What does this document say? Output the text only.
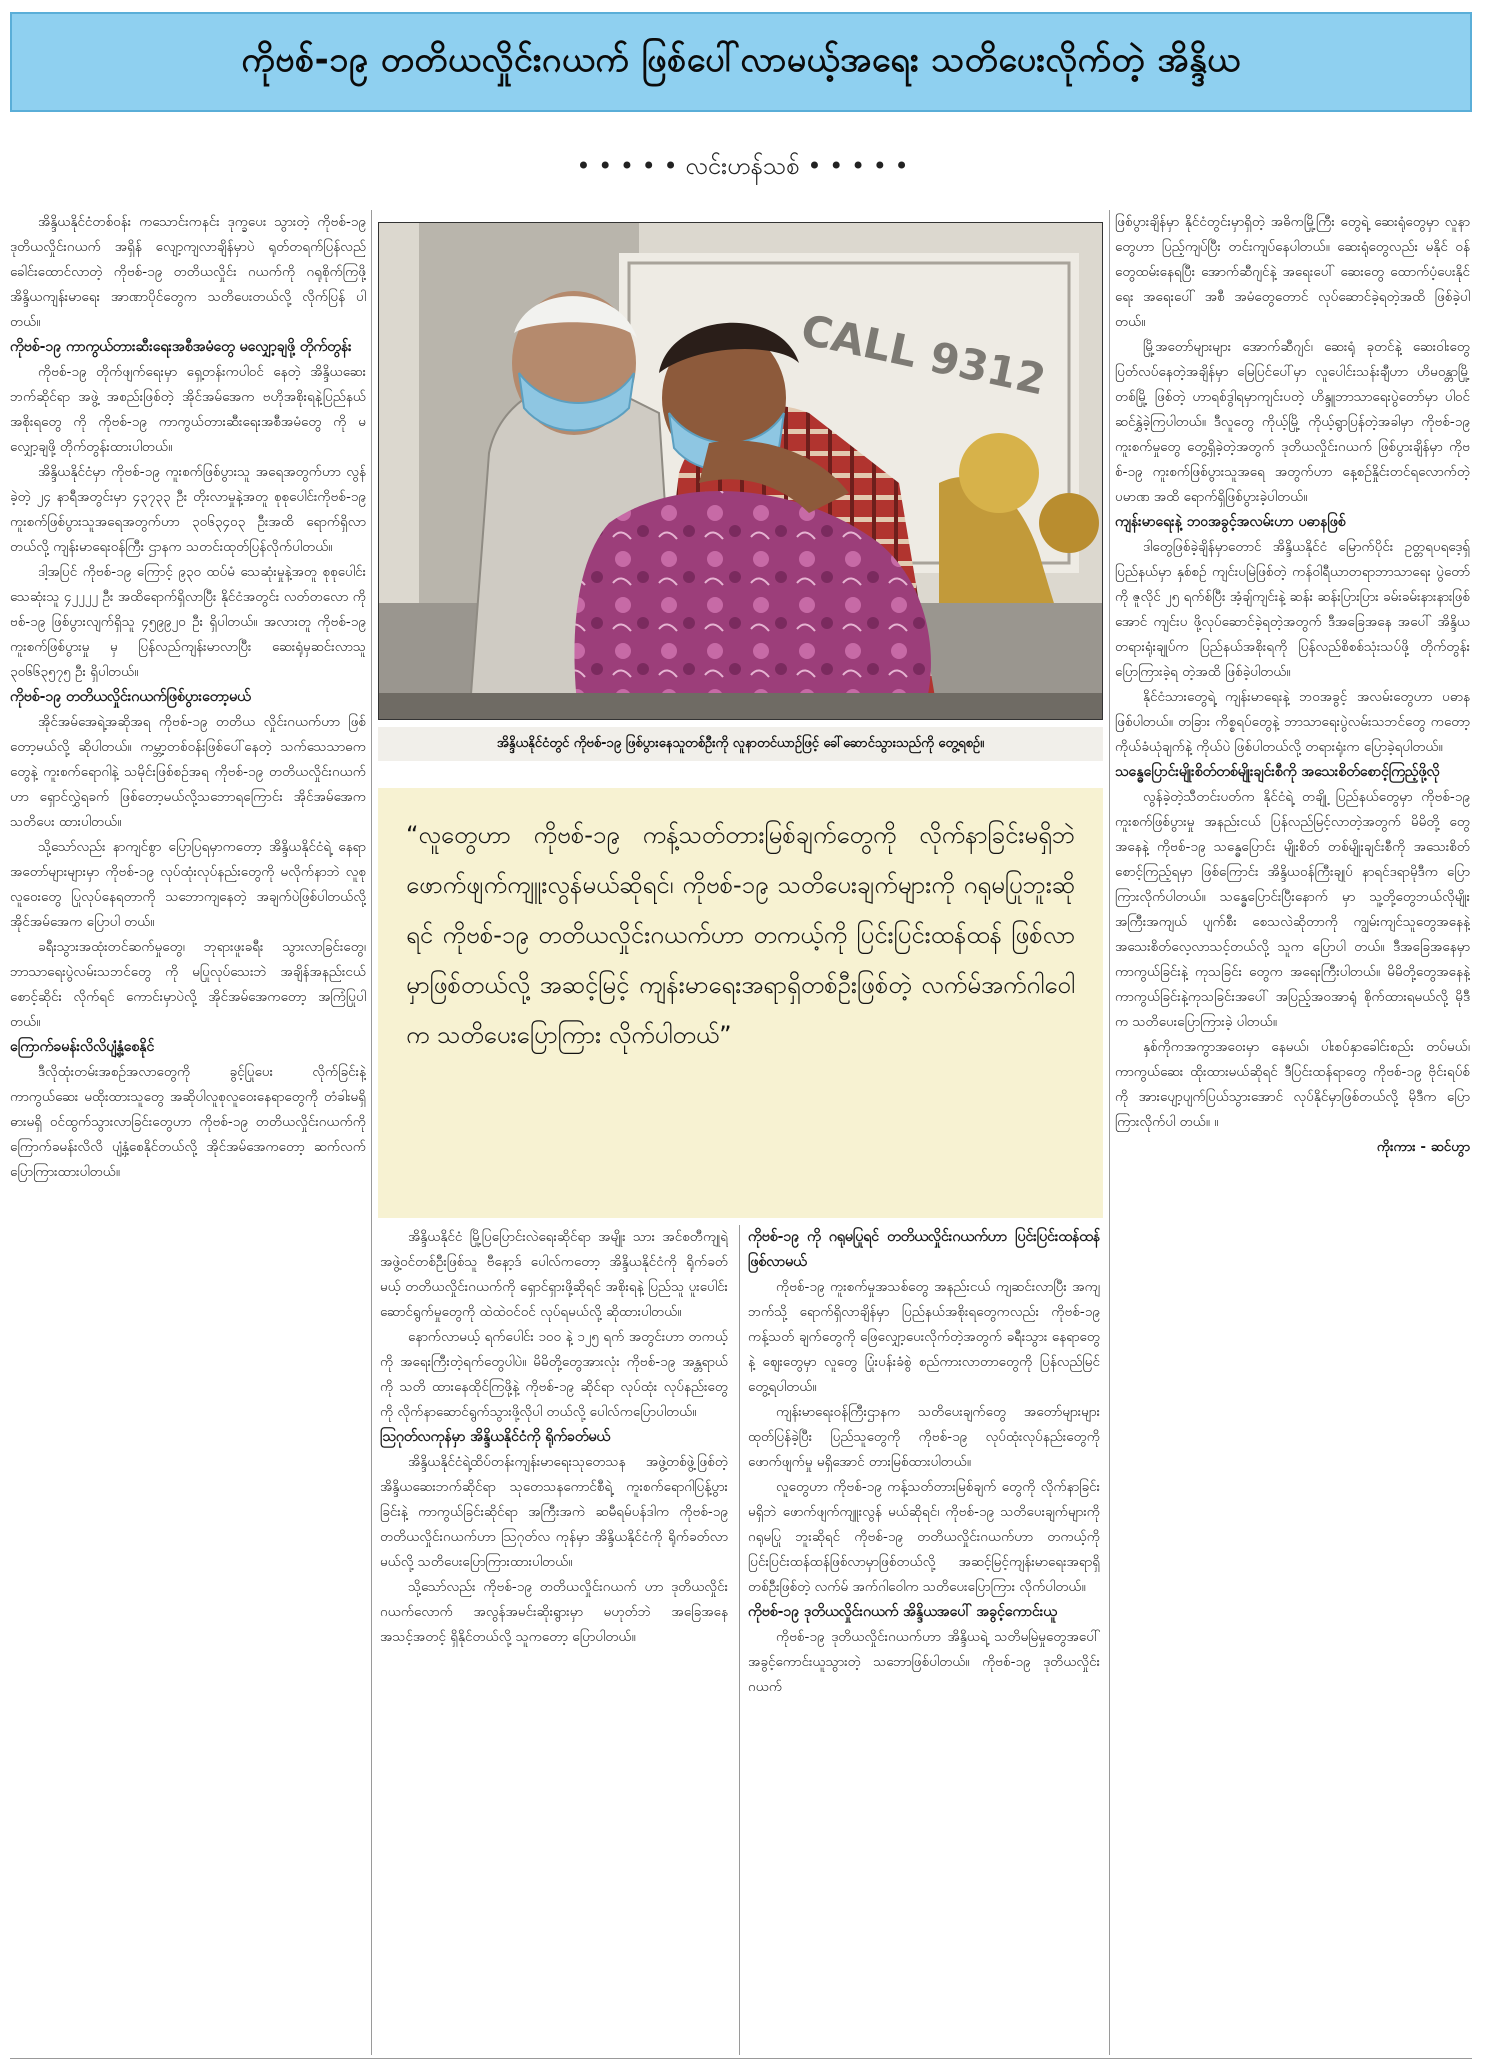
ကိုဗစ်-၁၉ တတိယလှိုင်းဂယက် ဖြစ်ပေါ်လာမယ့်အရေး သတိပေးလိုက်တဲ့ အိန္ဒိယ
• • • • • လင်းဟန်သစ် • • • • •

အိန္ဒိယနိုင်ငံတစ်ဝန်း ကသောင်းကနင်း ဒုက္ခပေး သွားတဲ့ ကိုဗစ်-၁၉ ဒုတိယလှိုင်းဂယက် အရှိန် လျော့ကျလာချိန်မှာပဲ ရုတ်တရက်ပြန်လည် ခေါင်းထောင်လာတဲ့ ကိုဗစ်-၁၉ တတိယလှိုင်း ဂယက်ကို ဂရုစိုက်ကြဖို့ အိန္ဒိယကျန်းမာရေး အာဏာပိုင်တွေက သတိပေးတယ်လို့ လိုက်ပြန် ပါတယ်။

ကိုဗစ်-၁၉ ကာကွယ်တားဆီးရေးအစီအမံတွေ မလျှော့ချဖို့ တိုက်တွန်း

ကိုဗစ်-၁၉ တိုက်ဖျက်ရေးမှာ ရှေ့တန်းကပါဝင် နေတဲ့ အိန္ဒိယဆေးဘက်ဆိုင်ရာ အဖွဲ့ အစည်းဖြစ်တဲ့ အိုင်အမ်အေက ဗဟိုအစိုးရနဲ့ပြည်နယ်အစိုးရတွေ ကို ကိုဗစ်-၁၉ ကာကွယ်တားဆီးရေးအစီအမံတွေ ကို မလျှော့ချဖို့ တိုက်တွန်းထားပါတယ်။

အိန္ဒိယနိုင်ငံမှာ ကိုဗစ်-၁၉ ကူးစက်ဖြစ်ပွားသူ အရေအတွက်ဟာ လွန်ခဲ့တဲ့ ၂၄ နာရီအတွင်းမှာ ၄၃၇၃၃ ဦး တိုးလာမှုနဲ့အတူ စုစုပေါင်းကိုဗစ်-၁၉ ကူးစက်ဖြစ်ပွားသူအရေအတွက်ဟာ ၃၀၆၃၄၀၃ ဦးအထိ ရောက်ရှိလာတယ်လို့ ကျန်းမာရေးဝန်ကြီး ဌာနက သတင်းထုတ်ပြန်လိုက်ပါတယ်။

ဒါ့အပြင် ကိုဗစ်-၁၉ ကြောင့် ၉၃၀ ထပ်မံ သေဆုံးမှုနဲ့အတူ စုစုပေါင်းသေဆုံးသူ ၄၂၂၂၂ ဦး အထိရောက်ရှိလာပြီး နိုင်ငံအတွင်း လတ်တလော ကိုဗစ်-၁၉ ဖြစ်ပွားလျက်ရှိသူ ၄၅၉၉၂၀ ဦး ရှိပါတယ်။ အလားတူ ကိုဗစ်-၁၉ ကူးစက်ဖြစ်ပွားမှု မှ ပြန်လည်ကျန်းမာလာပြီး ဆေးရုံမှဆင်းလာသူ ၃၀၆၆၃၅၇၅ ဦး ရှိပါတယ်။

ကိုဗစ်-၁၉ တတိယလှိုင်းဂယက်ဖြစ်ပွားတော့မယ်

အိုင်အမ်အေရဲ့အဆိုအရ ကိုဗစ်-၁၉ တတိယ လှိုင်းဂယက်ဟာ ဖြစ်တော့မယ်လို့ ဆိုပါတယ်။ ကမ္ဘာ့တစ်ဝန်းဖြစ်ပေါ်နေတဲ့ သက်သေသာဓက တွေနဲ့ ကူးစက်ရောဂါနဲ့ သမိုင်းဖြစ်စဉ်အရ ကိုဗစ်-၁၉ တတိယလှိုင်းဂယက်ဟာ ရှောင်လွှဲရခက် ဖြစ်တော့မယ်လို့သဘောရကြောင်း အိုင်အမ်အေက သတိပေး ထားပါတယ်။

သို့သော်လည်း နာကျင်စွာ ပြောပြရမှာကတော့ အိန္ဒိယနိုင်ငံရဲ့ နေရာအတော်များများမှာ ကိုဗစ်-၁၉ လုပ်ထုံးလုပ်နည်းတွေကို မလိုက်နာဘဲ လူစု လူဝေးတွေ ပြုလုပ်နေရတာကို သဘောကျနေတဲ့ အချက်ပဲဖြစ်ပါတယ်လို့ အိုင်အမ်အေက ပြောပါ တယ်။

ခရီးသွားအထုံးတင်ဆက်မှုတွေ၊ ဘုရားဖူးခရီး သွားလာခြင်းတွေ၊ ဘာသာရေးပွဲလမ်းသဘင်တွေ ကို မပြုလုပ်သေးဘဲ အချိန်အနည်းငယ်စောင့်ဆိုင်း လိုက်ရင် ကောင်းမှာပဲလို့ အိုင်အမ်အေကတော့ အကြံပြုပါတယ်။

ကြောက်ခမန်းလိလိပျံ့နှံ့စေနိုင်

ဒီလိုထုံးတမ်းအစဉ်အလာတွေကို ခွင့်ပြုပေး လိုက်ခြင်းနဲ့ ကာကွယ်ဆေး မထိုးထားသူတွေ အဆိုပါလူစုလူဝေးနေရာတွေကို တံခါးမရှိ ဓားမရှိ ဝင်ထွက်သွားလာခြင်းတွေဟာ ကိုဗစ်-၁၉ တတိယလှိုင်းဂယက်ကို ကြောက်ခမန်းလိလိ ပျံ့နှံ့စေနိုင်တယ်လို့ အိုင်အမ်အေကတော့ ဆက်လက်ပြောကြားထားပါတယ်။

CALL 9312
အိန္ဒိယနိုင်ငံတွင် ကိုဗစ်-၁၉ ဖြစ်ပွားနေသူတစ်ဦးကို လူနာတင်ယာဉ်ဖြင့် ခေါ်ဆောင်သွားသည်ကို တွေ့ရစဉ်။
“လူတွေဟာ ကိုဗစ်-၁၉ ကန့်သတ်တားမြစ်ချက်တွေကို လိုက်နာခြင်းမရှိဘဲ ဖောက်ဖျက်ကျူးလွန်မယ်ဆိုရင်၊ ကိုဗစ်-၁၉ သတိပေးချက်များကို ဂရုမပြုဘူးဆိုရင် ကိုဗစ်-၁၉ တတိယလှိုင်းဂယက်ဟာ တကယ့်ကို ပြင်းပြင်းထန်ထန် ဖြစ်လာမှာဖြစ်တယ်လို့ အဆင့်မြင့် ကျန်းမာရေးအရာရှိတစ်ဦးဖြစ်တဲ့ လက်မ်အက်ဂါဝေါက သတိပေးပြောကြား လိုက်ပါတယ်”

အိန္ဒိယနိုင်ငံ မြို့ပြပြောင်းလဲရေးဆိုင်ရာ အမျိုး သား အင်စတီကျုရဲ့ အဖွဲ့ဝင်တစ်ဦးဖြစ်သူ ဗီနော့ဒ် ပေါလ်ကတော့ အိန္ဒိယနိုင်ငံကို ရိုက်ခတ်မယ့် တတိယလှိုင်းဂယက်ကို ရှောင်ရှားဖို့ဆိုရင် အစိုးရနဲ့ ပြည်သူ ပူးပေါင်းဆောင်ရွက်မှုတွေကို ထဲထဲဝင်ဝင် လုပ်ရမယ်လို့ ဆိုထားပါတယ်။

နောက်လာမယ့် ရက်ပေါင်း ၁၀၀ နဲ့ ၁၂၅ ရက် အတွင်းဟာ တကယ့်ကို အရေးကြီးတဲ့ရက်တွေပါပဲ။ မိမိတို့တွေအားလုံး ကိုဗစ်-၁၉ အန္တရာယ်ကို သတိ ထားနေထိုင်ကြဖို့နဲ့ ကိုဗစ်-၁၉ ဆိုင်ရာ လုပ်ထုံး လုပ်နည်းတွေကို လိုက်နာဆောင်ရွက်သွားဖို့လိုပါ တယ်လို့ ပေါလ်ကပြောပါတယ်။

ဩဂုတ်လကုန်မှာ အိန္ဒိယနိုင်ငံကို ရိုက်ခတ်မယ်

အိန္ဒိယနိုင်ငံရဲ့ထိပ်တန်းကျန်းမာရေးသုတေသန အဖွဲ့တစ်ဖွဲ့ဖြစ်တဲ့ အိန္ဒိယဆေးဘက်ဆိုင်ရာ သုတေသနကောင်စီရဲ့ ကူးစက်ရောဂါပြန့်ပွားခြင်းနဲ့ ကာကွယ်ခြင်းဆိုင်ရာ အကြီးအကဲ ဆမီရမ်ပန်ဒါက ကိုဗစ်-၁၉ တတိယလှိုင်းဂယက်ဟာ ဩဂုတ်လ ကုန်မှာ အိန္ဒိယနိုင်ငံကို ရိုက်ခတ်လာမယ်လို့ သတိပေးပြောကြားထားပါတယ်။

သို့သော်လည်း ကိုဗစ်-၁၉ တတိယလှိုင်းဂယက် ဟာ ဒုတိယလှိုင်းဂယက်လောက် အလွန်အမင်းဆိုးရွားမှာ မဟုတ်ဘဲ အခြေအနေ အသင့်အတင့် ရှိနိုင်တယ်လို့ သူကတော့ ပြောပါတယ်။

ကိုဗစ်-၁၉ ကို ဂရုမပြုရင် တတိယလှိုင်းဂယက်ဟာ ပြင်းပြင်းထန်ထန်ဖြစ်လာမယ်

ကိုဗစ်-၁၉ ကူးစက်မှုအသစ်တွေ အနည်းငယ် ကျဆင်းလာပြီး အကျဘက်သို့ ရောက်ရှိလာချိန်မှာ ပြည်နယ်အစိုးရတွေကလည်း ကိုဗစ်-၁၉ ကန့်သတ် ချက်တွေကို ဖြေလျှော့ပေးလိုက်တဲ့အတွက် ခရီးသွား နေရာတွေနဲ့ ဈေးတွေမှာ လူတွေ ပြုံးပန်းခံစွဲ စည်ကားလာတာတွေကို ပြန်လည်မြင်တွေ့ရပါတယ်။

ကျန်းမာရေးဝန်ကြီးဌာနက သတိပေးချက်တွေ အတော်များများ ထုတ်ပြန်ခဲ့ပြီး ပြည်သူတွေကို ကိုဗစ်-၁၉ လုပ်ထုံးလုပ်နည်းတွေကို ဖောက်ဖျက်မှု မရှိအောင် တားမြစ်ထားပါတယ်။

လူတွေဟာ ကိုဗစ်-၁၉ ကန့်သတ်တားမြစ်ချက် တွေကို လိုက်နာခြင်းမရှိဘဲ ဖောက်ဖျက်ကျူးလွန် မယ်ဆိုရင်၊ ကိုဗစ်-၁၉ သတိပေးချက်များကို ဂရုမပြု ဘူးဆိုရင် ကိုဗစ်-၁၉ တတိယလှိုင်းဂယက်ဟာ တကယ့်ကိုပြင်းပြင်းထန်ထန်ဖြစ်လာမှာဖြစ်တယ်လို့ အဆင့်မြင့်ကျန်းမာရေးအရာရှိတစ်ဦးဖြစ်တဲ့ လက်မ် အက်ဂါဝေါက သတိပေးပြောကြား လိုက်ပါတယ်။

ကိုဗစ်-၁၉ ဒုတိယလှိုင်းဂယက် အိန္ဒိယအပေါ် အခွင့်ကောင်းယူ

ကိုဗစ်-၁၉ ဒုတိယလှိုင်းဂယက်ဟာ အိန္ဒိယရဲ့ သတိမမြဲမှုတွေအပေါ် အခွင့်ကောင်းယူသွားတဲ့ သဘောဖြစ်ပါတယ်။ ကိုဗစ်-၁၉ ဒုတိယလှိုင်းဂယက်

ဖြစ်ပွားချိန်မှာ နိုင်ငံတွင်းမှာရှိတဲ့ အဓိကမြို့ကြီး တွေရဲ့ ဆေးရုံတွေမှာ လူနာတွေဟာ ပြည့်ကျပ်ပြီး တင်းကျပ်နေပါတယ်။ ဆေးရုံတွေလည်း မနိုင် ဝန်တွေထမ်းနေရပြီး အောက်ဆီဂျင်နဲ့ အရေးပေါ် ဆေးတွေ ထောက်ပံ့ပေးနိုင်ရေး အရေးပေါ် အစီ အမံတွေတောင် လုပ်ဆောင်ခဲ့ရတဲ့အထိ ဖြစ်ခဲ့ပါ တယ်။

မြို့အတော်များများ အောက်ဆီဂျင်၊ ဆေးရုံ ခုတင်နဲ့ ဆေးဝါးတွေ ပြတ်လပ်နေတဲ့အချိန်မှာ မြေပြင်ပေါ်မှာ လူပေါင်းသန်းချီဟာ ဟိမဝန္တာမြို့တစ်မြို့ ဖြစ်တဲ့ ဟာရစ်ဒွါရမှာကျင်းပတဲ့ ဟိန္ဒူဘာသာရေးပွဲတော်မှာ ပါဝင်ဆင်နွှဲခဲ့ကြပါတယ်။ ဒီလူတွေ ကိုယ့်မြို့ ကိုယ့်ရွာပြန်တဲ့အခါမှာ ကိုဗစ်-၁၉ ကူးစက်မှုတွေ တွေ့ရှိခဲ့တဲ့အတွက် ဒုတိယလှိုင်းဂယက် ဖြစ်ပွားချိန်မှာ ကိုဗစ်-၁၉ ကူးစက်ဖြစ်ပွားသူအရေ အတွက်ဟာ နေ့စဉ်နှိုင်းတင်ရလောက်တဲ့ ပမာဏ အထိ ရောက်ရှိဖြစ်ပွားခဲ့ပါတယ်။

ကျန်းမာရေးနဲ့ ဘဝအခွင့်အလမ်းဟာ ပဓာနဖြစ်

ဒါတွေဖြစ်ခဲ့ချိန်မှာတောင် အိန္ဒိယနိုင်ငံ မြောက်ပိုင်း ဥတ္တရပရဒေ့ရှ်ပြည်နယ်မှာ နှစ်စဉ် ကျင်းပမြဲဖြစ်တဲ့ ကန်ဝါရီယာတရာဘာသာရေး ပွဲတော်ကို ဇူလိုင် ၂၅ ရက်စ်ပြီး အံ့ချ်ကျင်းနဲ့ ဆန်း ဆန်းပြားပြား ခမ်းခမ်းနားနားဖြစ်အောင် ကျင်းပ ဖို့လုပ်ဆောင်ခဲ့ရတဲ့အတွက် ဒီအခြေအနေ အပေါ် အိန္ဒိယတရားရုံးချုပ်က ပြည်နယ်အစိုးရကို ပြန်လည်စိစစ်သုံးသပ်ဖို့ တိုက်တွန်းပြောကြားခဲ့ရ တဲ့အထိ ဖြစ်ခဲ့ပါတယ်။

နိုင်ငံသားတွေရဲ့ ကျန်းမာရေးနဲ့ ဘဝအခွင့် အလမ်းတွေဟာ ပဓာန ဖြစ်ပါတယ်။ တခြား ကိစ္စရပ်တွေနဲ့ ဘာသာရေးပွဲလမ်းသဘင်တွေ ကတော့ ကိုယ်ခံယုံချက်နဲ့ ကိုယ်ပဲ ဖြစ်ပါတယ်လို့ တရားရုံးက ပြောခဲ့ရပါတယ်။

သန္ဓေပြောင်းမျိုးစိတ်တစ်မျိုးချင်းစီကို အသေးစိတ်စောင့်ကြည့်ဖို့လို

လွန်ခဲ့တဲ့သီတင်းပတ်က နိုင်ငံရဲ့ တချို့ ပြည်နယ်တွေမှာ ကိုဗစ်-၁၉ ကူးစက်ဖြစ်ပွားမှု အနည်းငယ် ပြန်လည်မြင့်လာတဲ့အတွက် မိမိတို့ တွေအနေနဲ့ ကိုဗစ်-၁၉ သန္ဓေပြောင်း မျိုးစိတ် တစ်မျိုးချင်းစီကို အသေးစိတ်စောင့်ကြည့်ရမှာ ဖြစ်ကြောင်း အိန္ဒိယဝန်ကြီးချုပ် နာရင်ဒရာမိုဒီက ပြောကြားလိုက်ပါတယ်။ သန္ဓေပြောင်းပြီးနောက် မှာ သူ့တို့တွေဘယ်လိုမျိုး အကြီးအကျယ် ပျက်စီး စေသလဲဆိုတာကို ကျွမ်းကျင်သူတွေအနေနဲ့ အသေးစိတ်လေ့လာသင့်တယ်လို့ သူက ပြောပါ တယ်။ ဒီအခြေအနေမှာ ကာကွယ်ခြင်းနဲ့ ကုသခြင်း တွေက အရေးကြီးပါတယ်။ မိမိတို့တွေအနေနဲ့ ကာကွယ်ခြင်းနဲ့ကုသခြင်းအပေါ် အပြည့်အဝအာရုံ စိုက်ထားရမယ်လို့ မိုဒီက သတိပေးပြောကြားခဲ့ ပါတယ်။

နှစ်ကိုကအကွာအဝေးမှာ နေမယ်၊ ပါးစပ်နှာခေါင်းစည်း တပ်မယ်၊ ကာကွယ်ဆေး ထိုးထားမယ်ဆိုရင် ဒီပြင်းထန်ရာတွေ ကိုဗစ်-၁၉ ဗိုင်းရပ်စ်ကို အားပျော့ပျက်ပြယ်သွားအောင် လုပ်နိုင်မှာဖြစ်တယ်လို့ မိုဒီက ပြောကြားလိုက်ပါ တယ်။ ။

ကိုးကား - ဆင်ဟွာ
